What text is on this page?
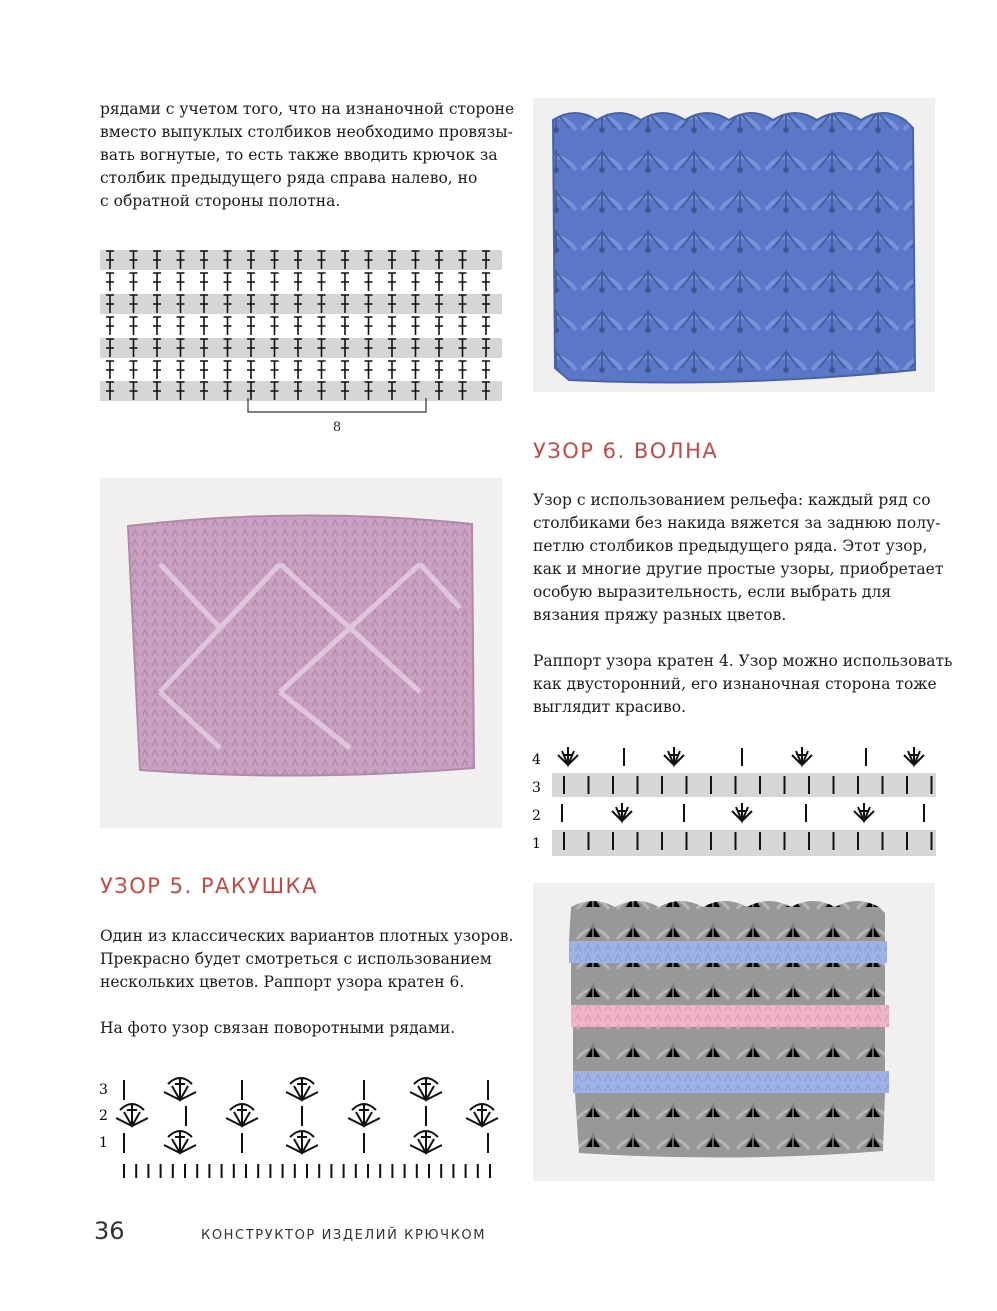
рядами с учетом того, что на изнаночной стороне

вместо выпуклых столбиков необходимо провязы-

вать вогнутые, то есть также вводить крючок за

столбик предыдущего ряда справа налево, но

с обратной стороны полотна.

8
УЗОР 6. ВОЛНА

Узор с использованием рельефа: каждый ряд со

столбиками без накида вяжется за заднюю полу-

петлю столбиков предыдущего ряда. Этот узор,

как и многие другие простые узоры, приобретает

особую выразительность, если выбрать для

вязания пряжу разных цветов.

Раппорт узора кратен 4. Узор можно использовать

как двусторонний, его изнаночная сторона тоже

выглядит красиво.

4
3
2
1
УЗОР 5. РАКУШКА

Один из классических вариантов плотных узоров.

Прекрасно будет смотреться с использованием

нескольких цветов. Раппорт узора кратен 6.

На фото узор связан поворотными рядами.

3
2
1
36	КОНСТРУКТОР ИЗДЕЛИЙ КРЮЧКОМ
